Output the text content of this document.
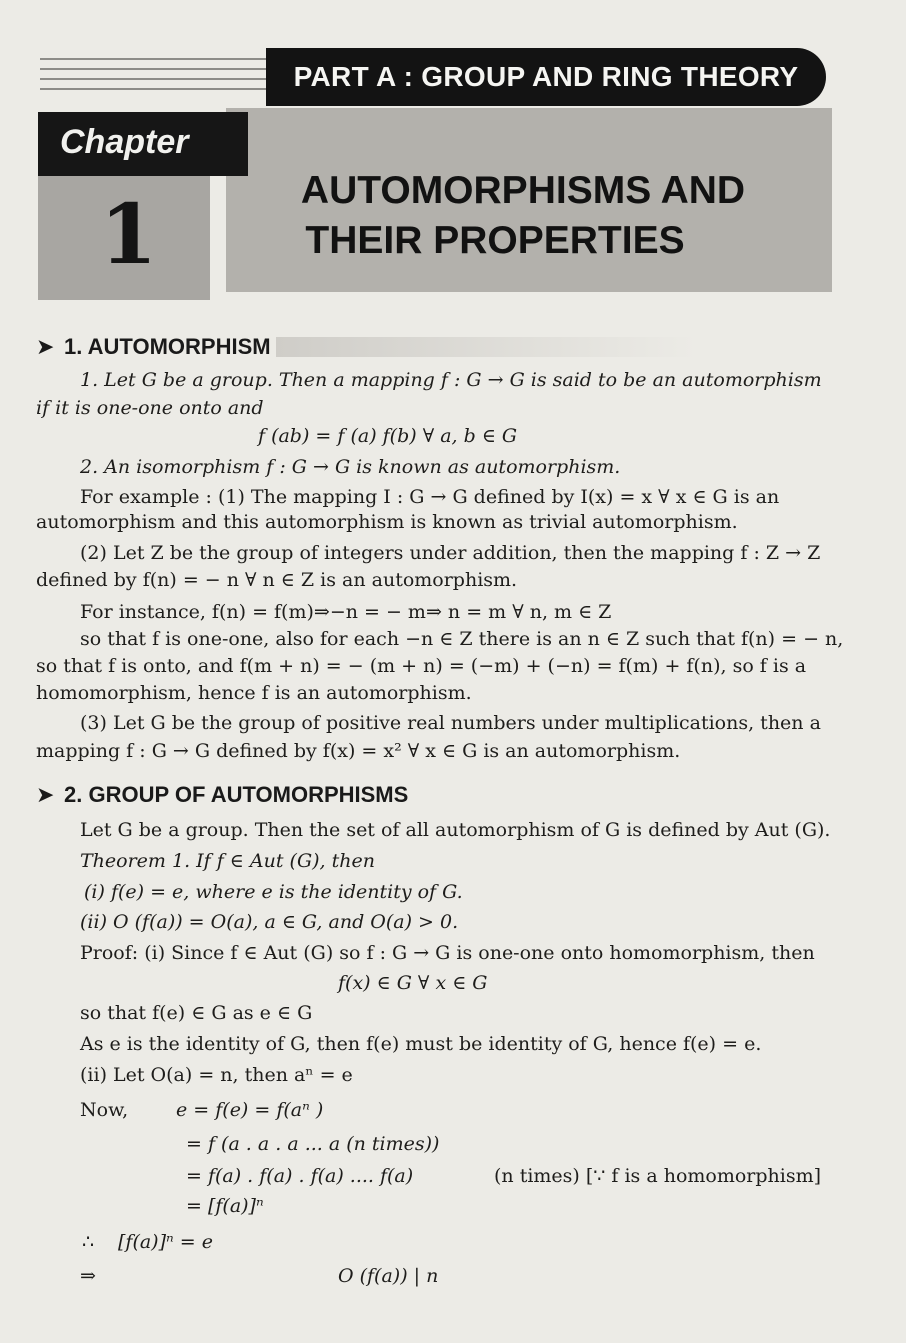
PART A : GROUP AND RING THEORY
Chapter
1	AUTOMORPHISMS AND
THEIR PROPERTIES
➤ 1. AUTOMORPHISM
1. Let G be a group. Then a mapping f : G → G is said to be an automorphism
if it is one-one onto and
f (ab) = f (a) f(b) ∀ a, b ∈ G
2. An isomorphism f : G → G is known as automorphism.
For example : (1) The mapping I : G → G defined by I(x) = x ∀ x ∈ G is an
automorphism and this automorphism is known as trivial automorphism.
(2) Let Z be the group of integers under addition, then the mapping f : Z → Z
defined by f(n) = − n ∀ n ∈ Z is an automorphism.
For instance, f(n) = f(m)⇒−n = − m⇒ n = m ∀ n, m ∈ Z
so that f is one-one, also for each −n ∈ Z there is an n ∈ Z such that f(n) = − n,
so that f is onto, and f(m + n) = − (m + n) = (−m) + (−n) = f(m) + f(n), so f is a
homomorphism, hence f is an automorphism.
(3) Let G be the group of positive real numbers under multiplications, then a
mapping f : G → G defined by f(x) = x² ∀ x ∈ G is an automorphism.
➤ 2. GROUP OF AUTOMORPHISMS
Let G be a group. Then the set of all automorphism of G is defined by Aut (G).
Theorem 1. If f ∈ Aut (G), then
(i) f(e) = e, where e is the identity of G.
(ii) O (f(a)) = O(a), a ∈ G, and O(a) > 0.
Proof: (i) Since f ∈ Aut (G) so f : G → G is one-one onto homomorphism, then
f(x) ∈ G ∀ x ∈ G
so that f(e) ∈ G as e ∈ G
As e is the identity of G, then f(e) must be identity of G, hence f(e) = e.
(ii) Let O(a) = n, then aⁿ = e
Now,	e = f(e) = f(aⁿ )
= f (a . a . a ... a (n times))
= f(a) . f(a) . f(a) .... f(a)	(n times) [∵ f is a homomorphism]
= [f(a)]ⁿ
∴ [f(a)]ⁿ = e
⇒	O (f(a)) | n
